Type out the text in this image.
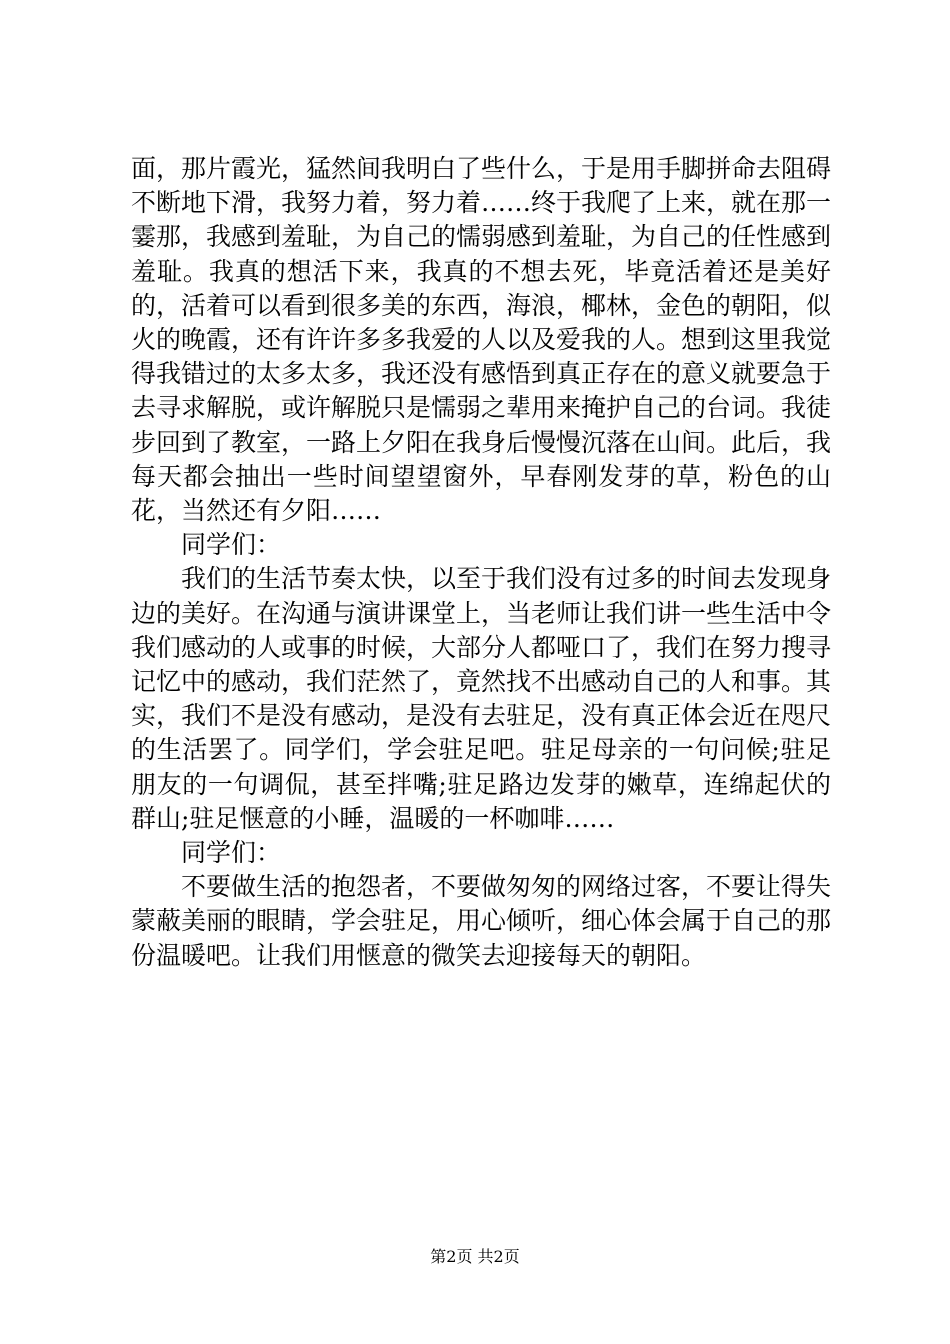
面，那片霞光，猛然间我明白了些什么，于是用手脚拼命去阻碍不断地下滑，我努力着，努力着……终于我爬了上来，就在那一霎那，我感到羞耻，为自己的懦弱感到羞耻，为自己的任性感到羞耻。我真的想活下来，我真的不想去死，毕竟活着还是美好的，活着可以看到很多美的东西，海浪，椰林，金色的朝阳，似火的晚霞，还有许许多多我爱的人以及爱我的人。想到这里我觉得我错过的太多太多，我还没有感悟到真正存在的意义就要急于去寻求解脱，或许解脱只是懦弱之辈用来掩护自己的台词。我徒步回到了教室，一路上夕阳在我身后慢慢沉落在山间。此后，我每天都会抽出一些时间望望窗外，早春刚发芽的草，粉色的山花，当然还有夕阳……

同学们：

我们的生活节奏太快，以至于我们没有过多的时间去发现身边的美好。在沟通与演讲课堂上，当老师让我们讲一些生活中令我们感动的人或事的时候，大部分人都哑口了，我们在努力搜寻记忆中的感动，我们茫然了，竟然找不出感动自己的人和事。其实，我们不是没有感动，是没有去驻足，没有真正体会近在咫尺的生活罢了。同学们，学会驻足吧。驻足母亲的一句问候;驻足朋友的一句调侃，甚至拌嘴;驻足路边发芽的嫩草，连绵起伏的群山;驻足惬意的小睡，温暖的一杯咖啡……

同学们：

不要做生活的抱怨者，不要做匆匆的网络过客，不要让得失蒙蔽美丽的眼睛，学会驻足，用心倾听，细心体会属于自己的那份温暖吧。让我们用惬意的微笑去迎接每天的朝阳。

第2页 共2页
